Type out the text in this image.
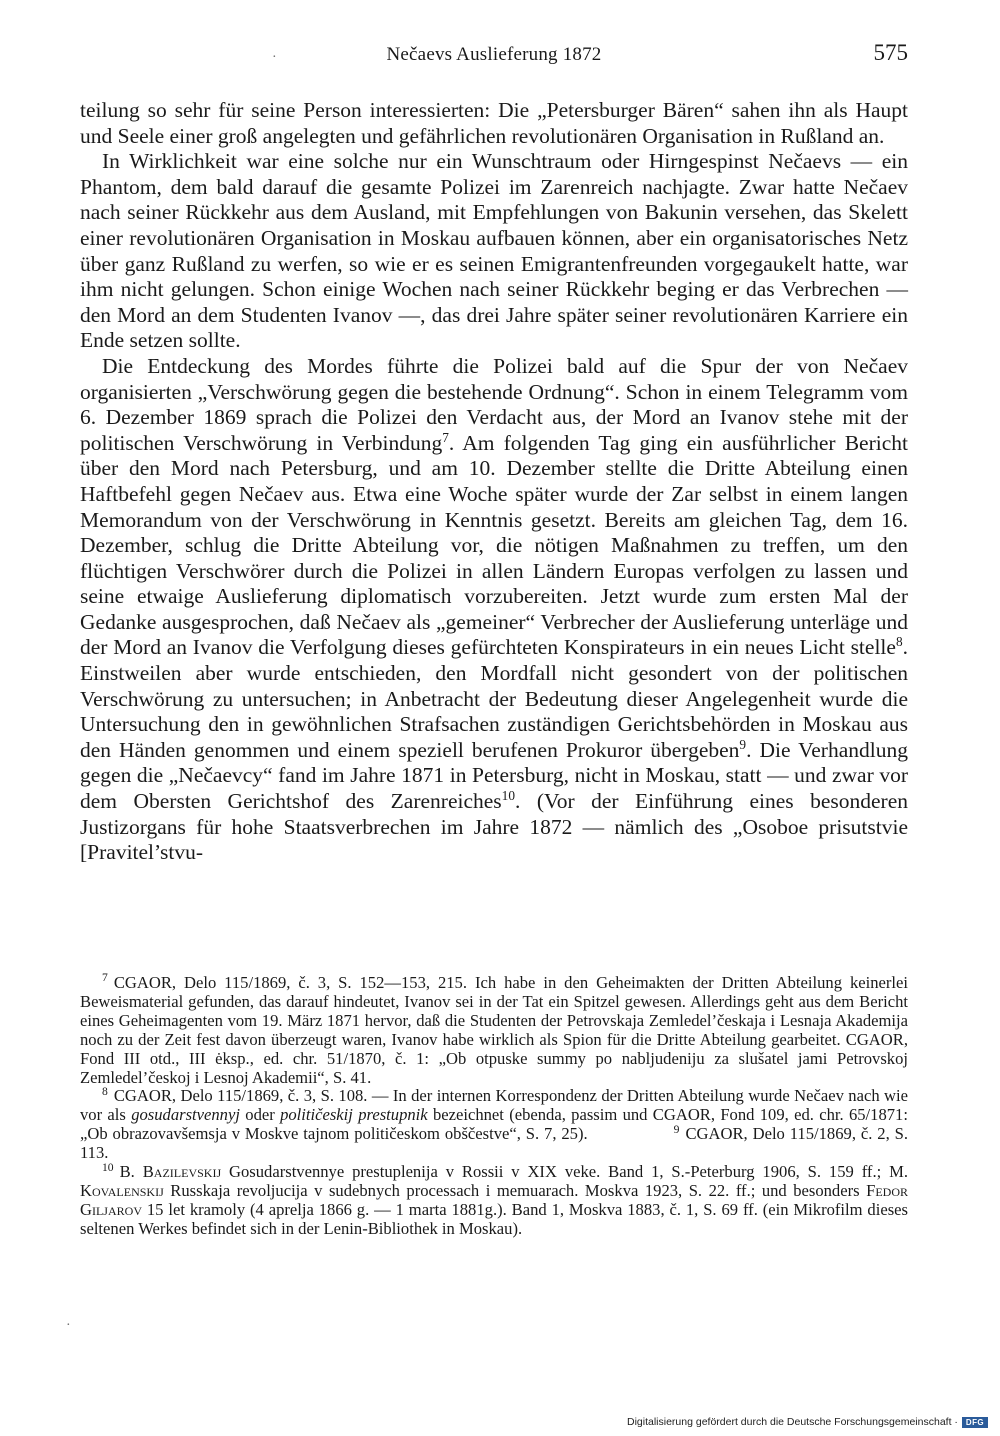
Nečaevs Auslieferung 1872	575

teilung so sehr für seine Person interessierten: Die „Petersburger Bären“ sahen ihn als Haupt und Seele einer groß angelegten und gefährlichen revolutionären Organisation in Rußland an.

In Wirklichkeit war eine solche nur ein Wunschtraum oder Hirngespinst Nečaevs — ein Phantom, dem bald darauf die gesamte Polizei im Zarenreich nachjagte. Zwar hatte Nečaev nach seiner Rückkehr aus dem Ausland, mit Empfehlungen von Bakunin versehen, das Skelett einer revolutionären Organisation in Moskau aufbauen können, aber ein organisatorisches Netz über ganz Rußland zu werfen, so wie er es seinen Emigrantenfreunden vorgegaukelt hatte, war ihm nicht gelungen. Schon einige Wochen nach seiner Rückkehr beging er das Verbrechen — den Mord an dem Studenten Ivanov —, das drei Jahre später seiner revolutionären Karriere ein Ende setzen sollte.

Die Entdeckung des Mordes führte die Polizei bald auf die Spur der von Nečaev organisierten „Verschwörung gegen die bestehende Ordnung“. Schon in einem Telegramm vom 6. Dezember 1869 sprach die Polizei den Verdacht aus, der Mord an Ivanov stehe mit der politischen Verschwörung in Verbindung$^7$. Am folgenden Tag ging ein ausführlicher Bericht über den Mord nach Petersburg, und am 10. Dezember stellte die Dritte Abteilung einen Haftbefehl gegen Nečaev aus. Etwa eine Woche später wurde der Zar selbst in einem langen Memorandum von der Verschwörung in Kenntnis gesetzt. Bereits am gleichen Tag, dem 16. Dezember, schlug die Dritte Abteilung vor, die nötigen Maßnahmen zu treffen, um den flüchtigen Verschwörer durch die Polizei in allen Ländern Europas verfolgen zu lassen und seine etwaige Auslieferung diplomatisch vorzubereiten. Jetzt wurde zum ersten Mal der Gedanke ausgesprochen, daß Nečaev als „gemeiner“ Verbrecher der Auslieferung unterläge und der Mord an Ivanov die Verfolgung dieses gefürchteten Konspirateurs in ein neues Licht stelle$^8$. Einstweilen aber wurde entschieden, den Mordfall nicht gesondert von der politischen Verschwörung zu untersuchen; in Anbetracht der Bedeutung dieser Angelegenheit wurde die Untersuchung den in gewöhnlichen Strafsachen zuständigen Gerichtsbehörden in Moskau aus den Händen genommen und einem speziell berufenen Prokuror übergeben$^9$. Die Verhandlung gegen die „Nečaevcy“ fand im Jahre 1871 in Petersburg, nicht in Moskau, statt — und zwar vor dem Obersten Gerichtshof des Zarenreiches$^{10}$. (Vor der Einführung eines besonderen Justizorgans für hohe Staatsverbrechen im Jahre 1872 — nämlich des „Osoboe prisutstvie [Pravitel’stvu-

$^7$ CGAOR, Delo 115/1869, č. 3, S. 152—153, 215. Ich habe in den Geheimakten der Dritten Abteilung keinerlei Beweismaterial gefunden, das darauf hindeutet, Ivanov sei in der Tat ein Spitzel gewesen. Allerdings geht aus dem Bericht eines Geheimagenten vom 19. März 1871 hervor, daß die Studenten der Petrovskaja Zemledel’českaja i Lesnaja Akademija noch zu der Zeit fest davon überzeugt waren, Ivanov habe wirklich als Spion für die Dritte Abteilung gearbeitet. CGAOR, Fond III otd., III ėksp., ed. chr. 51/1870, č. 1: „Ob otpuske summy po nabljudeniju za slušatel jami Petrovskoj Zemledel’českoj i Lesnoj Akademii“, S. 41.

$^8$ CGAOR, Delo 115/1869, č. 3, S. 108. — In der internen Korrespondenz der Dritten Abteilung wurde Nečaev nach wie vor als gosudarstvennyj oder političeskij prestupnik bezeichnet (ebenda, passim und CGAOR, Fond 109, ed. chr. 65/1871: „Ob obrazovavšemsja v Moskve tajnom političeskom obščestve“, S. 7, 25).	$^9$ CGAOR, Delo 115/1869, č. 2, S. 113.

$^{10}$ B. Bazilevskij Gosudarstvennye prestuplenija v Rossii v XIX veke. Band 1, S.-Peterburg 1906, S. 159 ff.; M. Kovalenskij Russkaja revoljucija v sudebnych processach i memuarach. Moskva 1923, S. 22. ff.; und besonders Fedor Giljarov 15 let kramoly (4 aprelja 1866 g. — 1 marta 1881g.). Band 1, Moskva 1883, č. 1, S. 69 ff. (ein Mikrofilm dieses seltenen Werkes befindet sich in der Lenin-Bibliothek in Moskau).

·
·
Digitalisierung gefördert durch die Deutsche Forschungsgemeinschaft ·	DFG
